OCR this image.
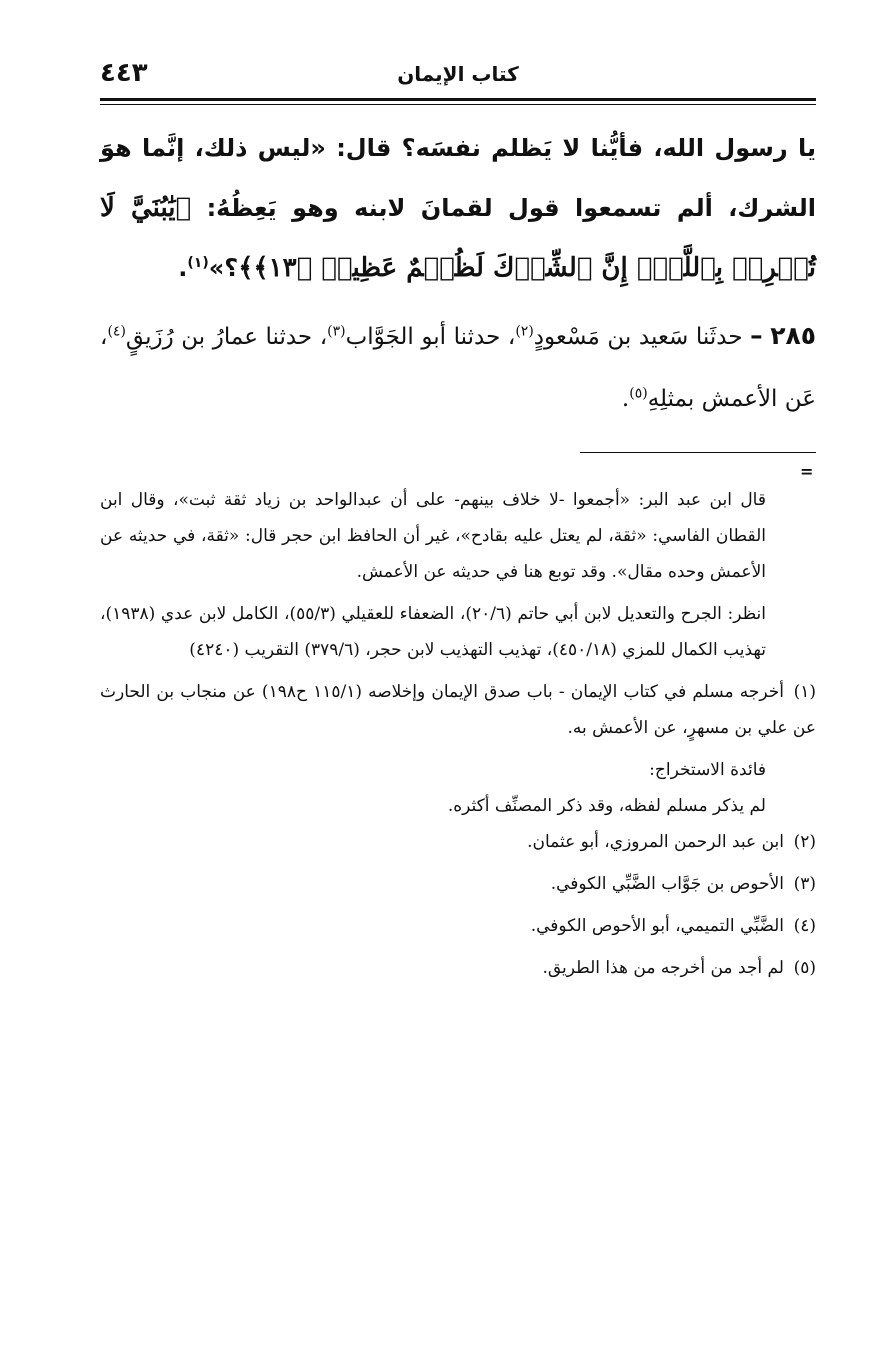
٤٤٣	كتاب الإيمان

يا رسول الله، فأيُّنا لا يَظلم نفسَه؟ قال: «ليس ذلك، إنَّما هوَ الشرك، ألم تسمعوا قول لقمانَ لابنه وهو يَعِظُهُ: ﴿يَٰبُنَيَّ لَا تُشۡرِكۡ بِٱللَّهِۖ إِنَّ ٱلشِّرۡكَ لَظُلۡمٌ عَظِيمٞ ﴿١٣﴾﴾؟»$^{(١)}$.

٢٨٥ – حدثَنا سَعيد بن مَسْعودٍ$^{(٢)}$، حدثنا أبو الجَوَّاب$^{(٣)}$، حدثنا عمارُ بن رُزَيقٍ$^{(٤)}$، عَن الأعمش بمثلِهِ$^{(٥)}$.

=

قال ابن عبد البر: «أجمعوا -لا خلاف بينهم- على أن عبدالواحد بن زياد ثقة ثبت»، وقال ابن القطان الفاسي: «ثقة، لم يعتل عليه بقادح»، غير أن الحافظ ابن حجر قال: «ثقة، في حديثه عن الأعمش وحده مقال». وقد توبع هنا في حديثه عن الأعمش.

انظر: الجرح والتعديل لابن أبي حاتم (٢٠/٦)، الضعفاء للعقيلي (٥٥/٣)، الكامل لابن عدي (١٩٣٨)، تهذيب الكمال للمزي (٤٥٠/١٨)، تهذيب التهذيب لابن حجر، (٣٧٩/٦) التقريب (٤٢٤٠)

(١)أخرجه مسلم في كتاب الإيمان - باب صدق الإيمان وإخلاصه (١١٥/١ ح١٩٨) عن منجاب بن الحارث عن علي بن مسهرٍ، عن الأعمش به.

فائدة الاستخراج:

لم يذكر مسلم لفظه، وقد ذكر المصنِّف أكثره.

(٢)ابن عبد الرحمن المروزي، أبو عثمان.

(٣)الأحوص بن جَوَّاب الضَّبِّي الكوفي.

(٤)الضَّبِّي التميمي، أبو الأحوص الكوفي.

(٥)لم أجد من أخرجه من هذا الطريق.
